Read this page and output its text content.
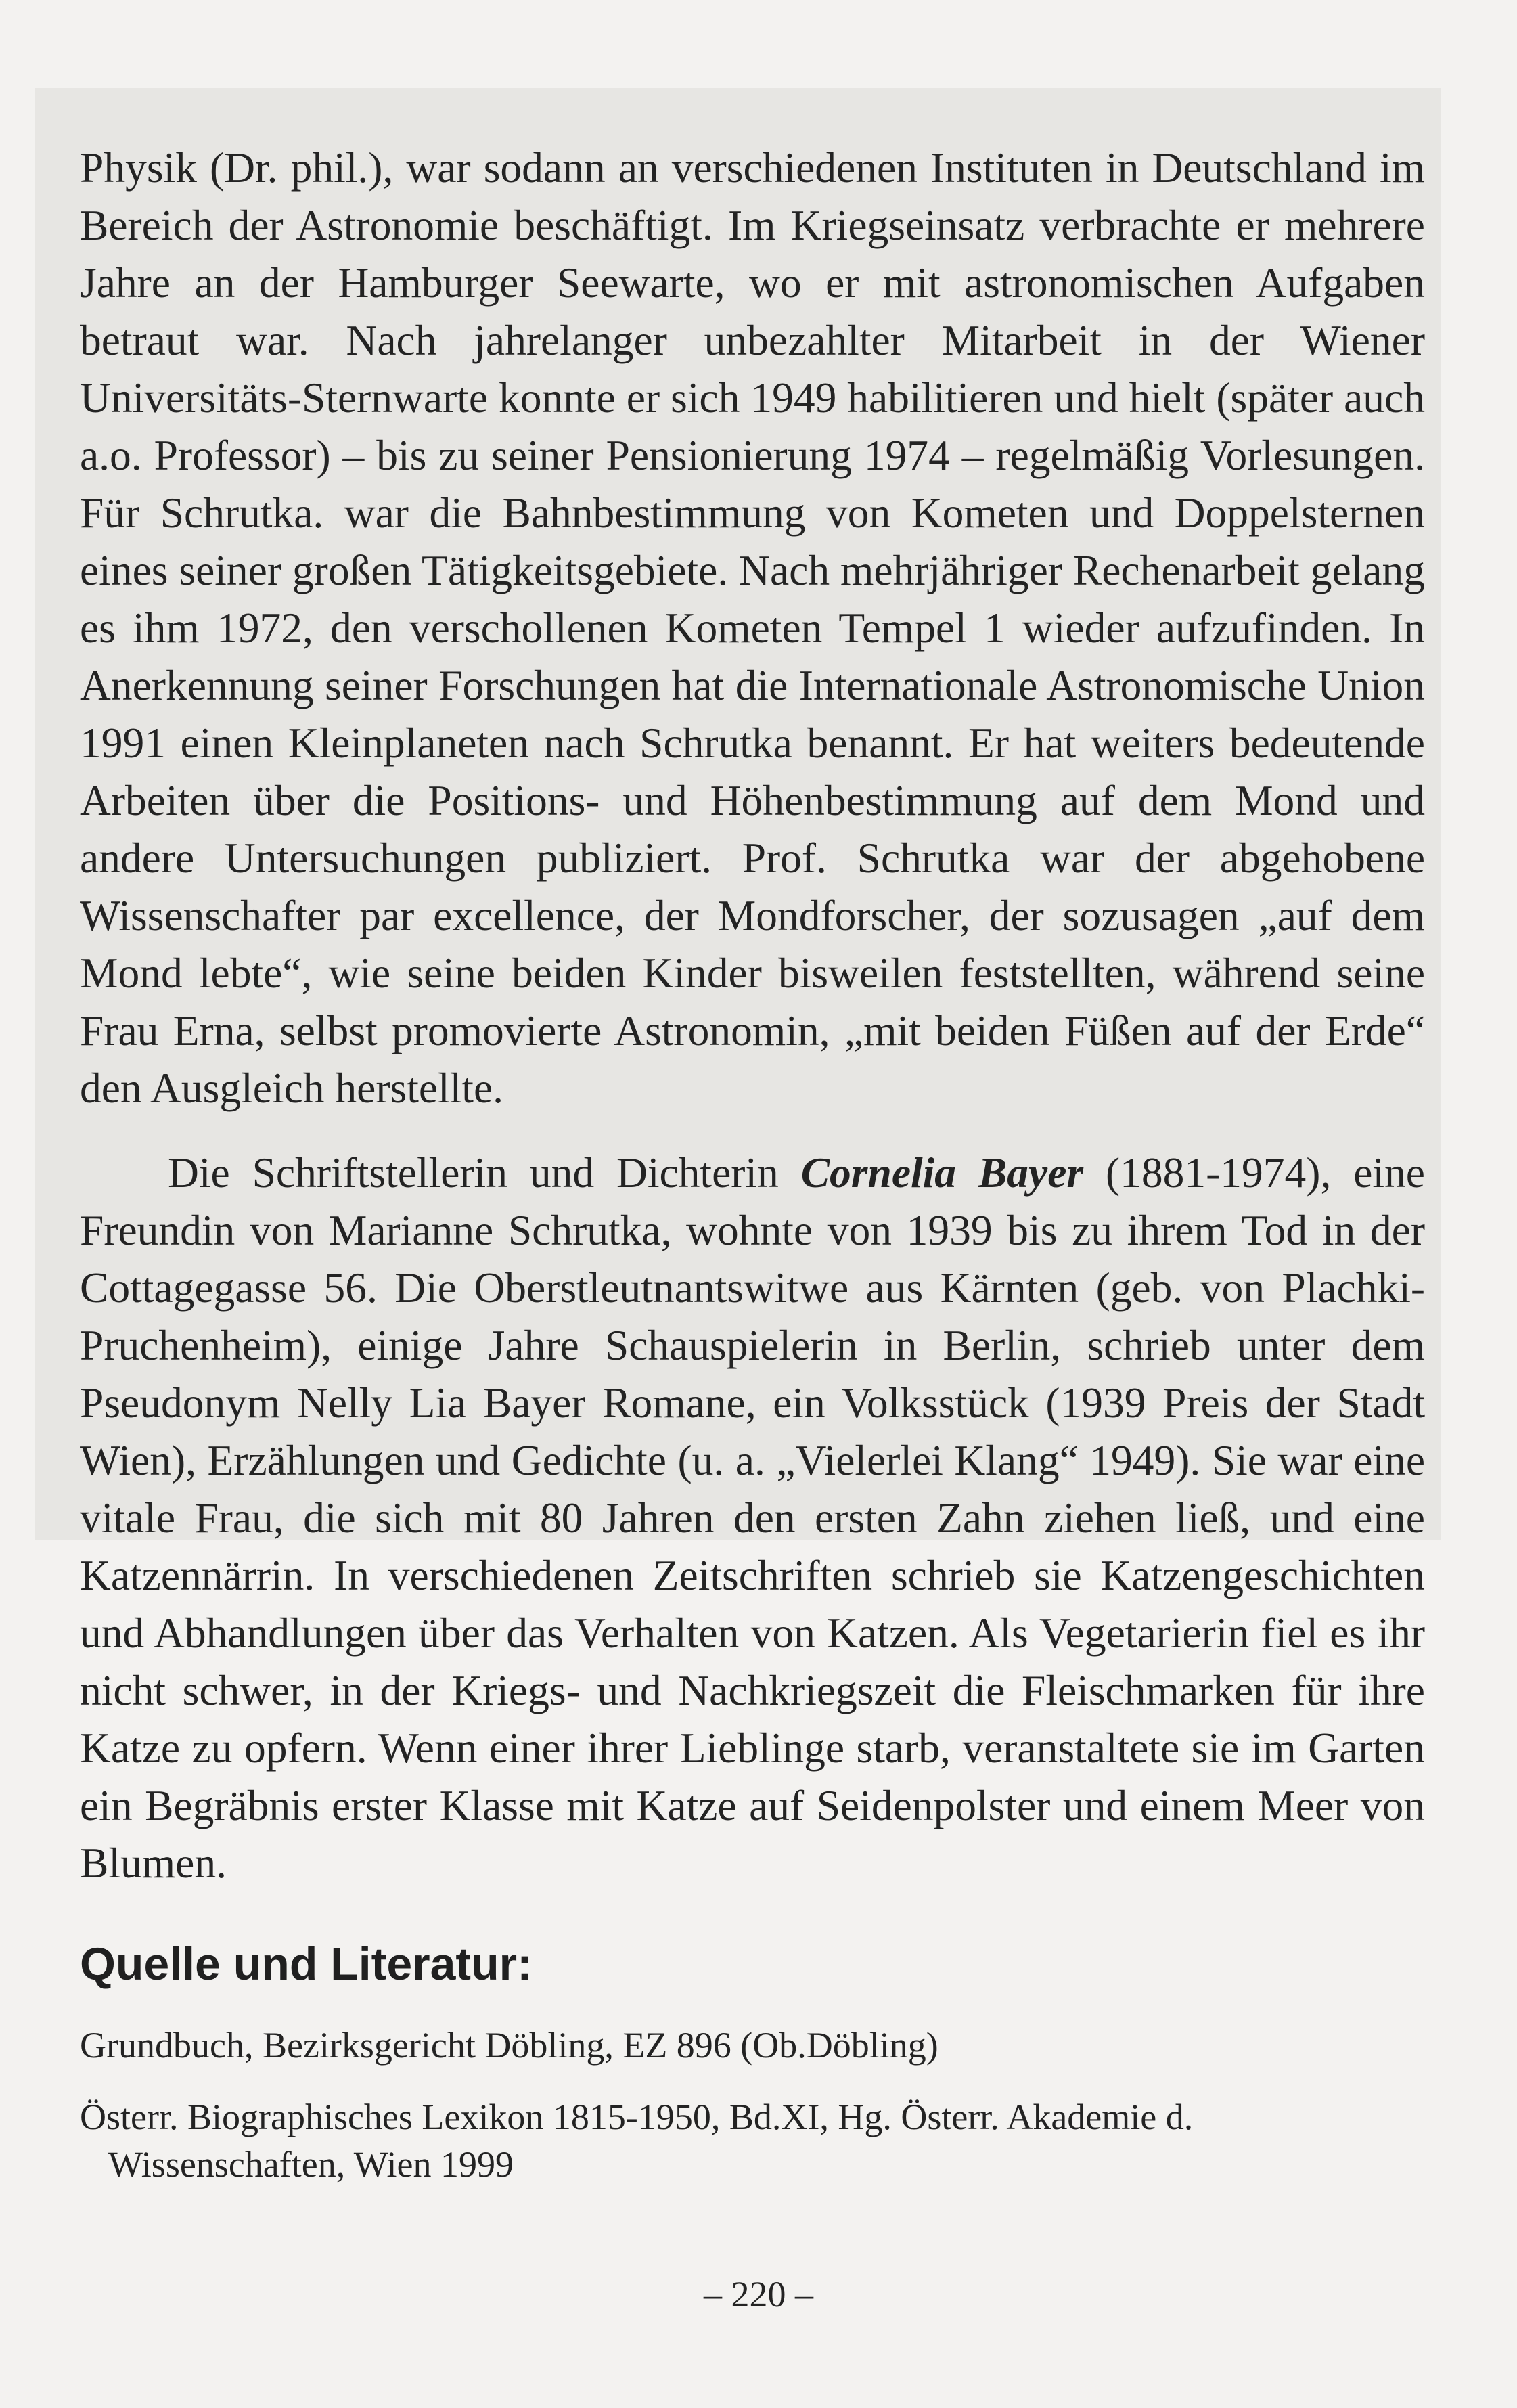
Physik (Dr. phil.), war sodann an verschiedenen Instituten in Deutschland im Bereich der Astronomie beschäftigt. Im Kriegseinsatz verbrachte er mehrere Jahre an der Hamburger Seewarte, wo er mit astronomischen Aufgaben betraut war. Nach jahrelanger unbezahlter Mitarbeit in der Wiener Universitäts-Sternwarte konnte er sich 1949 habilitieren und hielt (später auch a.o. Professor) – bis zu seiner Pensionierung 1974 – regelmäßig Vorlesungen. Für Schrutka. war die Bahnbestimmung von Kometen und Doppelsternen eines seiner großen Tätigkeitsgebiete. Nach mehrjähriger Rechenarbeit gelang es ihm 1972, den verschollenen Kometen Tempel 1 wieder aufzufinden. In Anerkennung seiner Forschungen hat die Internationale Astronomische Union 1991 einen Kleinplaneten nach Schrutka benannt. Er hat weiters bedeutende Arbeiten über die Positions- und Höhenbestimmung auf dem Mond und andere Untersuchungen publiziert. Prof. Schrutka war der abgehobene Wissenschafter par excellence, der Mondforscher, der sozusagen „auf dem Mond lebte“, wie seine beiden Kinder bisweilen feststellten, während seine Frau Erna, selbst promovierte Astronomin, „mit beiden Füßen auf der Erde“ den Ausgleich herstellte.

Die Schriftstellerin und Dichterin Cornelia Bayer (1881-1974), eine Freundin von Marianne Schrutka, wohnte von 1939 bis zu ihrem Tod in der Cottagegasse 56. Die Oberstleutnantswitwe aus Kärnten (geb. von Plachki-Pruchenheim), einige Jahre Schauspielerin in Berlin, schrieb unter dem Pseudonym Nelly Lia Bayer Romane, ein Volksstück (1939 Preis der Stadt Wien), Erzählungen und Gedichte (u. a. „Vielerlei Klang“ 1949). Sie war eine vitale Frau, die sich mit 80 Jahren den ersten Zahn ziehen ließ, und eine Katzennärrin. In verschiedenen Zeitschriften schrieb sie Katzengeschichten und Abhandlungen über das Verhalten von Katzen. Als Vegetarierin fiel es ihr nicht schwer, in der Kriegs- und Nachkriegszeit die Fleischmarken für ihre Katze zu opfern. Wenn einer ihrer Lieblinge starb, veranstaltete sie im Garten ein Begräbnis erster Klasse mit Katze auf Seidenpolster und einem Meer von Blumen.

Quelle und Literatur:
Grundbuch, Bezirksgericht Döbling, EZ 896 (Ob.Döbling)
Österr. Biographisches Lexikon 1815-1950, Bd.XI, Hg. Österr. Akademie d. Wissenschaften, Wien 1999
– 220 –
